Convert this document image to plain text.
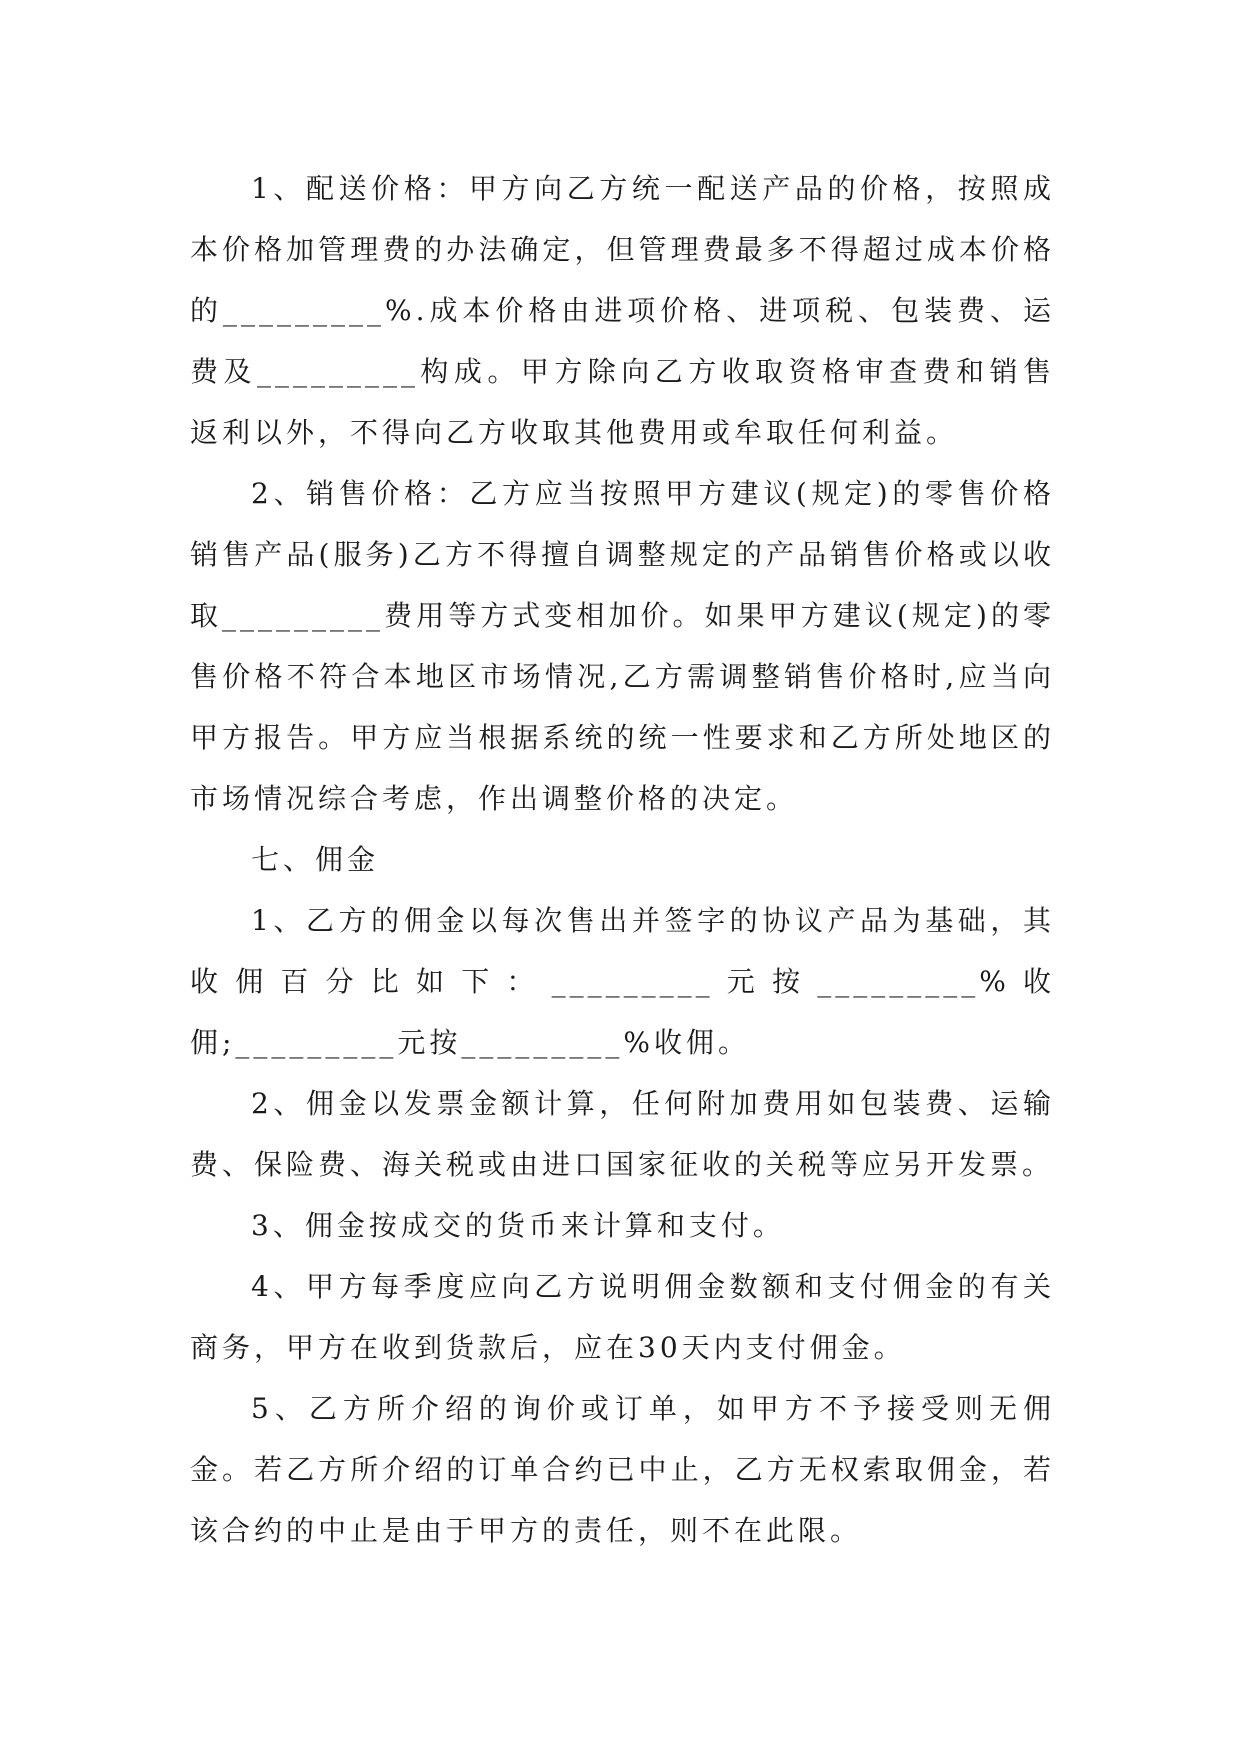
1、配送价格：甲方向乙方统一配送产品的价格，按照成本价格加管理费的办法确定，但管理费最多不得超过成本价格的_________%.成本价格由进项价格、进项税、包装费、运费及_________构成。甲方除向乙方收取资格审查费和销售返利以外，不得向乙方收取其他费用或牟取任何利益。

2、销售价格：乙方应当按照甲方建议(规定)的零售价格销售产品(服务)乙方不得擅自调整规定的产品销售价格或以收取_________费用等方式变相加价。如果甲方建议(规定)的零售价格不符合本地区市场情况,乙方需调整销售价格时,应当向甲方报告。甲方应当根据系统的统一性要求和乙方所处地区的市场情况综合考虑，作出调整价格的决定。

七、佣金

1、乙方的佣金以每次售出并签字的协议产品为基础，其收佣百分比如下：_________元按_________%收佣;_________元按_________%收佣。

2、佣金以发票金额计算，任何附加费用如包装费、运输费、保险费、海关税或由进口国家征收的关税等应另开发票。

3、佣金按成交的货币来计算和支付。

4、甲方每季度应向乙方说明佣金数额和支付佣金的有关商务，甲方在收到货款后，应在30天内支付佣金。

5、乙方所介绍的询价或订单，如甲方不予接受则无佣金。若乙方所介绍的订单合约已中止，乙方无权索取佣金，若该合约的中止是由于甲方的责任，则不在此限。
